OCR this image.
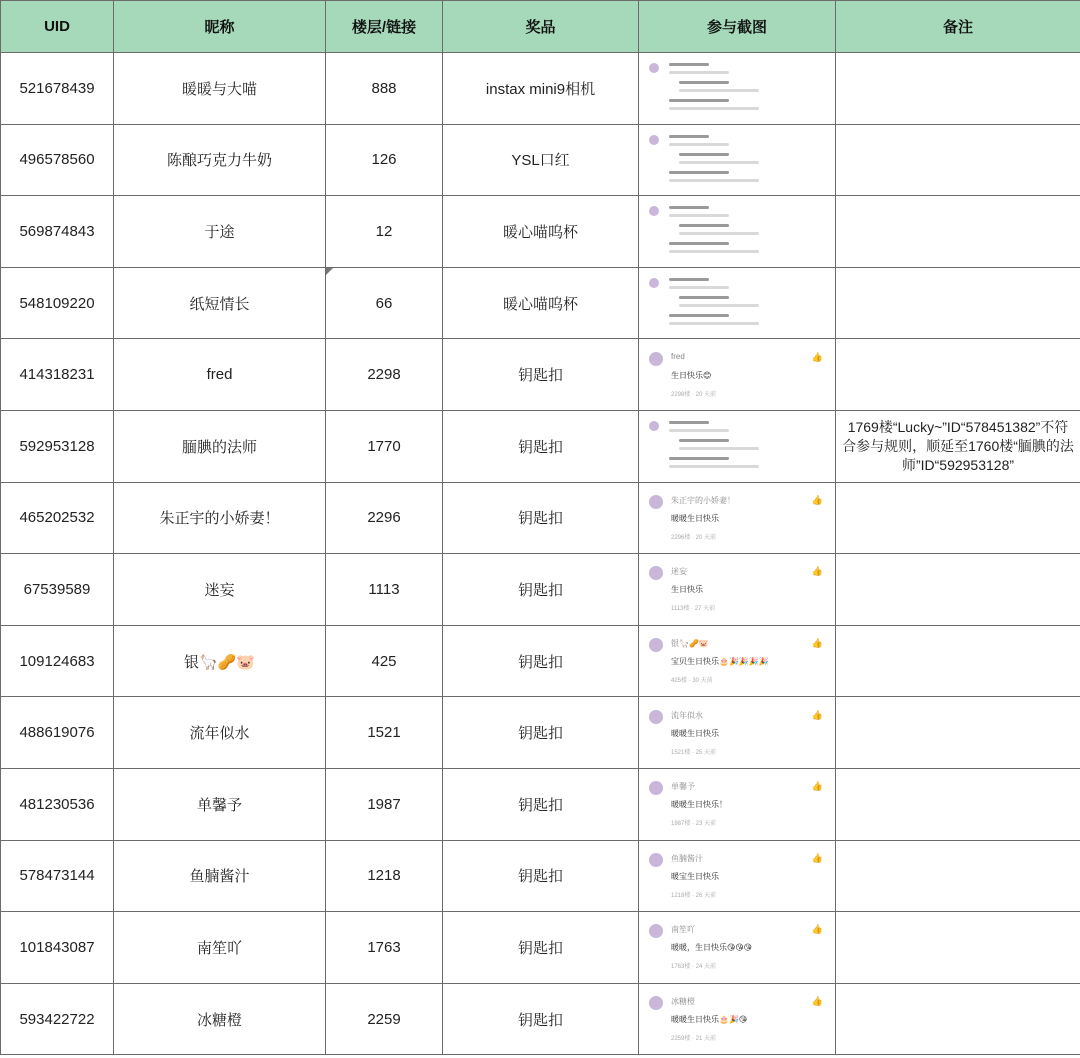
UID	昵称	楼层/链接	奖品	参与截图	备注
521678439	暖暖与大喵	888	instax mini9相机	

496578560	陈酿巧克力牛奶	126	YSL口红	

569874843	于途	12	暖心喵呜杯	

548109220	纸短情长	66	暖心喵呜杯	

414318231	fred	2298	钥匙扣	fred
生日快乐😊
2298楼 · 20 天前
👍	

592953128	腼腆的法师	1770	钥匙扣		1769楼“Lucky~”ID“578451382”不符合参与规则，顺延至1760楼“腼腆的法师”ID“592953128”
465202532	朱正宇的小娇妻！	2296	钥匙扣	朱正宇的小娇妻！
暖暖生日快乐
2296楼 · 20 天前
👍	

67539589	迷妄	1113	钥匙扣	迷妄
生日快乐
1113楼 · 27 天前
👍	

109124683	银🦙🥜🐷	425	钥匙扣	银🦙🥜🐷
宝贝生日快乐🎂🎉🎉🎉🎉
425楼 · 30 天前
👍	

488619076	流年似水	1521	钥匙扣	流年似水
暖暖生日快乐
1521楼 · 25 天前
👍	

481230536	单馨予	1987	钥匙扣	单馨予
暖暖生日快乐！
1987楼 · 23 天前
👍	

578473144	鱼腩酱汁	1218	钥匙扣	鱼腩酱汁
暖宝生日快乐
1218楼 · 26 天前
👍	

101843087	南笙吖	1763	钥匙扣	南笙吖
暖暖，生日快乐😘😘😘
1763楼 · 24 天前
👍	

593422722	冰糖橙	2259	钥匙扣	冰糖橙
暖暖生日快乐🎂🎉😘
2259楼 · 21 天前
👍	
